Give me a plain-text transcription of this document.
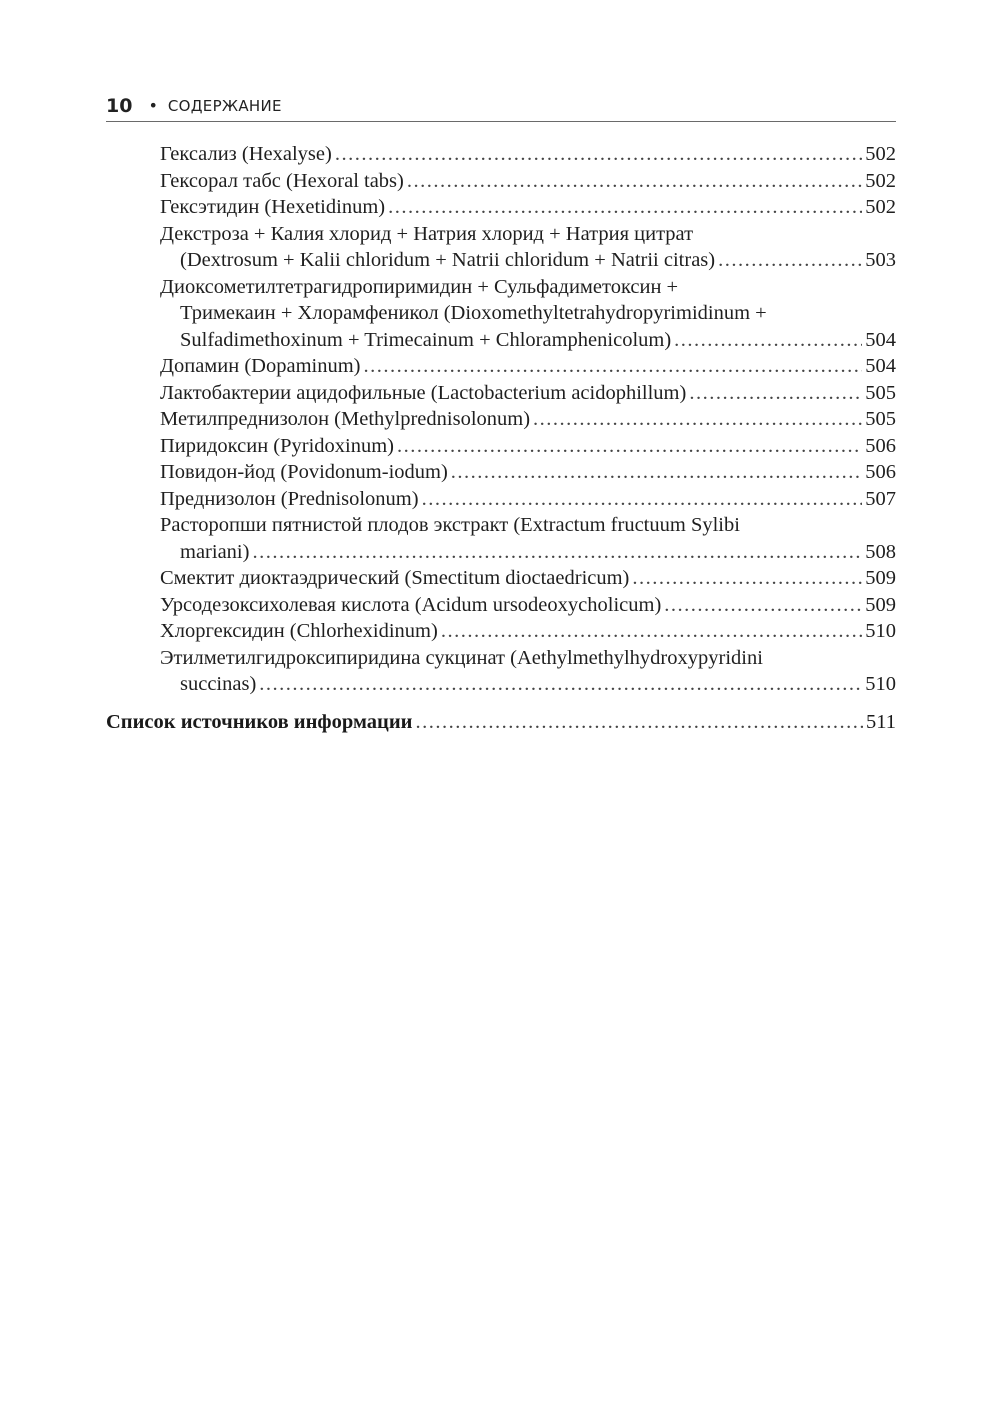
10 • СОДЕРЖАНИЕ
Гексализ (Hexalyse) .....	502
Гексорал табс (Hexoral tabs) .....	502
Гексэтидин (Hexetidinum) .....	502
Декстроза + Калия хлорид + Натрия хлорид + Натрия цитрат
(Dextrosum + Kalii chloridum + Natrii chloridum + Natrii citras) .....	503
Диоксометилтетрагидропиримидин + Сульфадиметоксин +
Тримекаин + Хлорамфеникол (Dioxomethyltetrahydropyrimidinum +
Sulfadimethoxinum + Trimecainum + Chloramphenicolum) .....	504
Допамин (Dopaminum) .....	504
Лактобактерии ацидофильные (Lactobacterium acidophillum) .....	505
Метилпреднизолон (Methylprednisolonum) .....	505
Пиридоксин (Pyridoxinum) .....	506
Повидон-йод (Povidonum-iodum) .....	506
Преднизолон (Prednisolonum) .....	507
Расторопши пятнистой плодов экстракт (Extractum fructuum Sylibi
mariani) .....	508
Смектит диоктаэдрический (Smectitum dioctaedricum) .....	509
Урсодезоксихолевая кислота (Acidum ursodeoxycholicum) .....	509
Хлоргексидин (Chlorhexidinum) .....	510
Этилметилгидроксипиридина сукцинат (Aethylmethylhydroxypyridini
succinas) .....	510
Список источников информации .....	511
